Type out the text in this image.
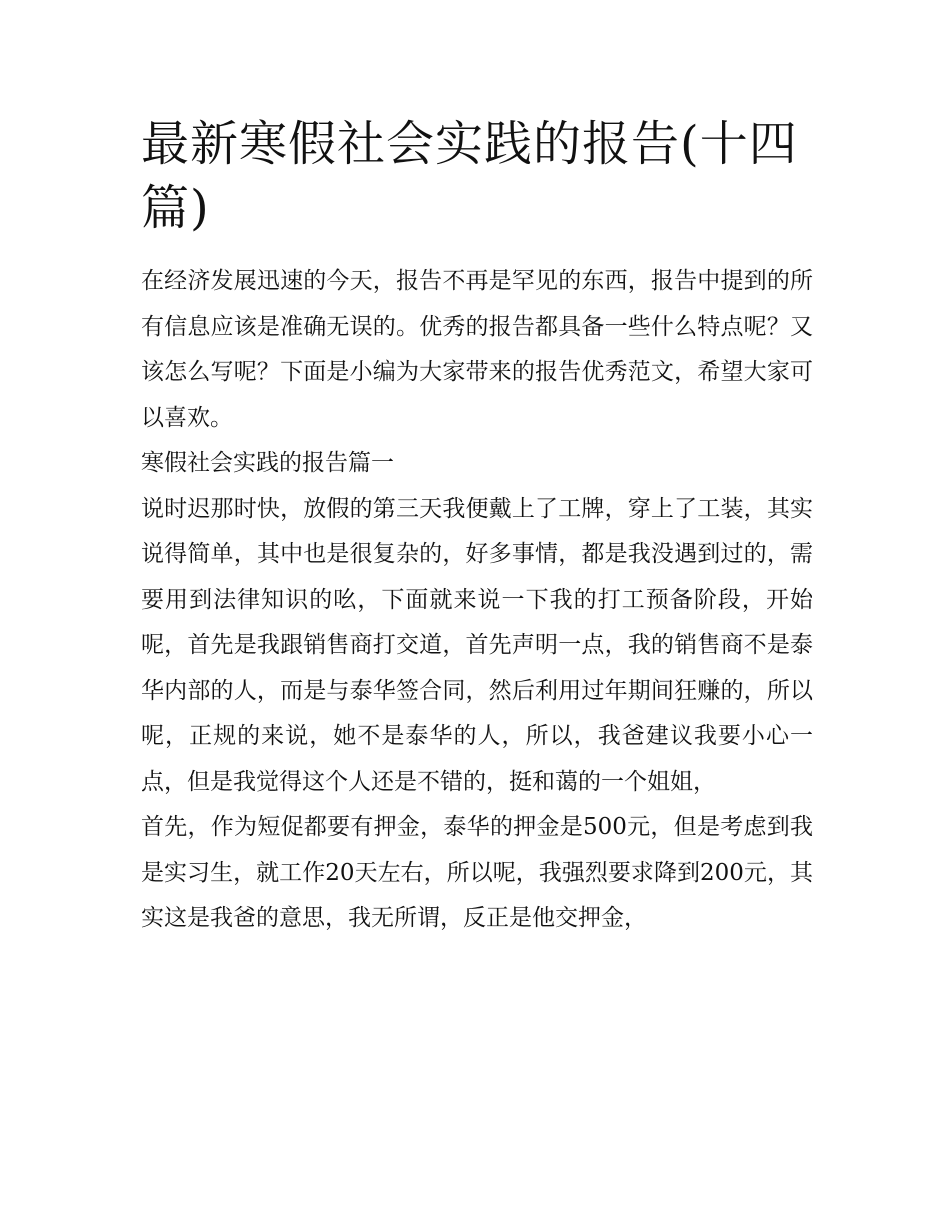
最新寒假社会实践的报告(十四篇)

在经济发展迅速的今天，报告不再是罕见的东西，报告中提到的所有信息应该是准确无误的。优秀的报告都具备一些什么特点呢？又该怎么写呢？下面是小编为大家带来的报告优秀范文，希望大家可以喜欢。

寒假社会实践的报告篇一

说时迟那时快，放假的第三天我便戴上了工牌，穿上了工装，其实说得简单，其中也是很复杂的，好多事情，都是我没遇到过的，需要用到法律知识的吆，下面就来说一下我的打工预备阶段，开始呢，首先是我跟销售商打交道，首先声明一点，我的销售商不是泰华内部的人，而是与泰华签合同，然后利用过年期间狂赚的，所以呢，正规的来说，她不是泰华的人，所以，我爸建议我要小心一点，但是我觉得这个人还是不错的，挺和蔼的一个姐姐，

首先，作为短促都要有押金，泰华的押金是500元，但是考虑到我是实习生，就工作20天左右，所以呢，我强烈要求降到200元，其实这是我爸的意思，我无所谓，反正是他交押金，
